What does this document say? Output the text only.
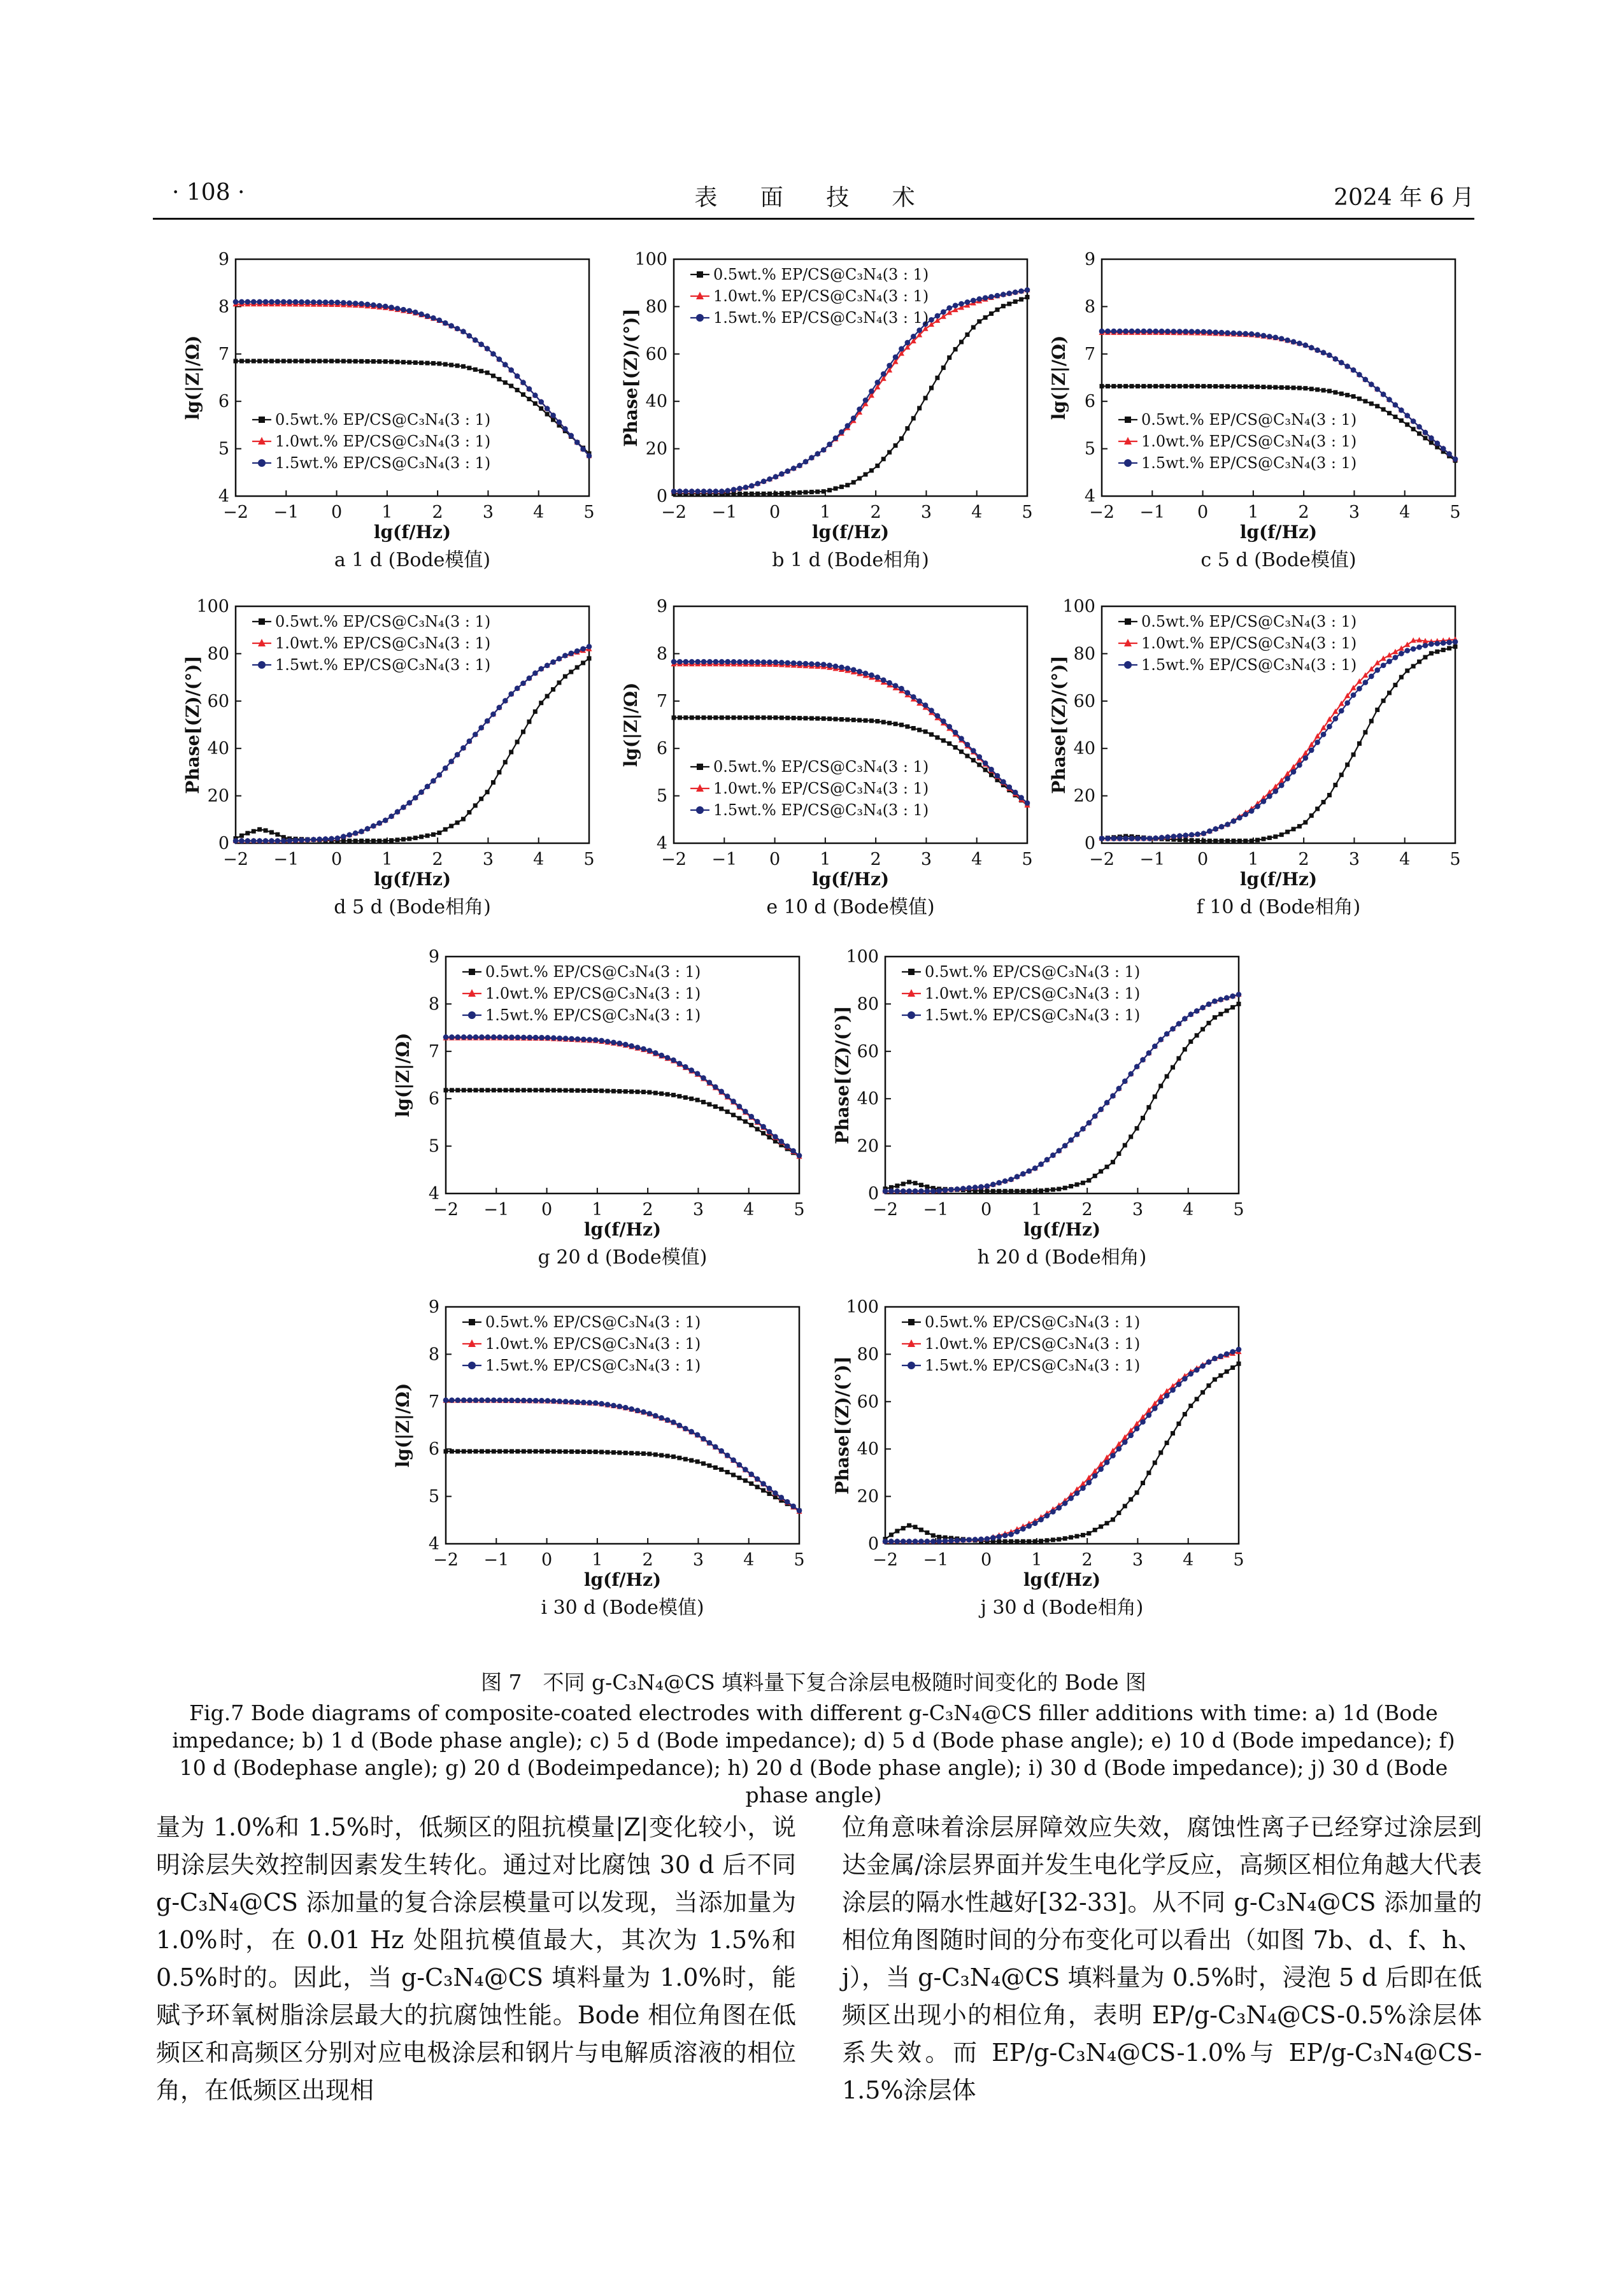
· 108 ·	表 面 技 术	2024 年 6 月
−2 −1 0 1 2 3 4 5
4
5
6
7
8
9
lg(f/Hz)
lg(|Z|/Ω)
a 1 d (Bode模值)
0.5wt.% EP/CS@C₃N₄(3 : 1)
1.0wt.% EP/CS@C₃N₄(3 : 1)
1.5wt.% EP/CS@C₃N₄(3 : 1)
−2 −1 0 1 2 3 4 5
0
20
40
60
80
100
lg(f/Hz)
Phase[(Z)/(°)]
b 1 d (Bode相角)
0.5wt.% EP/CS@C₃N₄(3 : 1)
1.0wt.% EP/CS@C₃N₄(3 : 1)
1.5wt.% EP/CS@C₃N₄(3 : 1)
−2 −1 0 1 2 3 4 5
4
5
6
7
8
9
lg(f/Hz)
lg(|Z|/Ω)
c 5 d (Bode模值)
0.5wt.% EP/CS@C₃N₄(3 : 1)
1.0wt.% EP/CS@C₃N₄(3 : 1)
1.5wt.% EP/CS@C₃N₄(3 : 1)
−2 −1 0 1 2 3 4 5
0
20
40
60
80
100
lg(f/Hz)
Phase[(Z)/(°)]
d 5 d (Bode相角)
0.5wt.% EP/CS@C₃N₄(3 : 1)
1.0wt.% EP/CS@C₃N₄(3 : 1)
1.5wt.% EP/CS@C₃N₄(3 : 1)
−2 −1 0 1 2 3 4 5
4
5
6
7
8
9
lg(f/Hz)
lg(|Z|/Ω)
e 10 d (Bode模值)
0.5wt.% EP/CS@C₃N₄(3 : 1)
1.0wt.% EP/CS@C₃N₄(3 : 1)
1.5wt.% EP/CS@C₃N₄(3 : 1)
−2 −1 0 1 2 3 4 5
0
20
40
60
80
100
lg(f/Hz)
Phase[(Z)/(°)]
f 10 d (Bode相角)
0.5wt.% EP/CS@C₃N₄(3 : 1)
1.0wt.% EP/CS@C₃N₄(3 : 1)
1.5wt.% EP/CS@C₃N₄(3 : 1)
−2 −1 0 1 2 3 4 5
4
5
6
7
8
9
lg(f/Hz)
lg(|Z|/Ω)
g 20 d (Bode模值)
0.5wt.% EP/CS@C₃N₄(3 : 1)
1.0wt.% EP/CS@C₃N₄(3 : 1)
1.5wt.% EP/CS@C₃N₄(3 : 1)
−2 −1 0 1 2 3 4 5
0
20
40
60
80
100
lg(f/Hz)
Phase[(Z)/(°)]
h 20 d (Bode相角)
0.5wt.% EP/CS@C₃N₄(3 : 1)
1.0wt.% EP/CS@C₃N₄(3 : 1)
1.5wt.% EP/CS@C₃N₄(3 : 1)
−2 −1 0 1 2 3 4 5
4
5
6
7
8
9
lg(f/Hz)
lg(|Z|/Ω)
i 30 d (Bode模值)
0.5wt.% EP/CS@C₃N₄(3 : 1)
1.0wt.% EP/CS@C₃N₄(3 : 1)
1.5wt.% EP/CS@C₃N₄(3 : 1)
−2 −1 0 1 2 3 4 5
0
20
40
60
80
100
lg(f/Hz)
Phase[(Z)/(°)]
j 30 d (Bode相角)
0.5wt.% EP/CS@C₃N₄(3 : 1)
1.0wt.% EP/CS@C₃N₄(3 : 1)
1.5wt.% EP/CS@C₃N₄(3 : 1)
图 7　不同 g-C₃N₄@CS 填料量下复合涂层电极随时间变化的 Bode 图
Fig.7 Bode diagrams of composite-coated electrodes with different g-C₃N₄@CS filler additions with time: a) 1d (Bode impedance; b) 1 d (Bode phase angle); c) 5 d (Bode impedance); d) 5 d (Bode phase angle); e) 10 d (Bode impedance); f) 10 d (Bodephase angle); g) 20 d (Bodeimpedance); h) 20 d (Bode phase angle); i) 30 d (Bode impedance); j) 30 d (Bode phase angle)
量为 1.0%和 1.5%时，低频区的阻抗模量|Z|变化较小，说明涂层失效控制因素发生转化。通过对比腐蚀 30 d 后不同 g-C₃N₄@CS 添加量的复合涂层模量可以发现，当添加量为 1.0%时，在 0.01 Hz 处阻抗模值最大，其次为 1.5%和 0.5%时的。因此，当 g-C₃N₄@CS 填料量为 1.0%时，能赋予环氧树脂涂层最大的抗腐蚀性能。Bode 相位角图在低频区和高频区分别对应电极涂层和钢片与电解质溶液的相位角，在低频区出现相
位角意味着涂层屏障效应失效，腐蚀性离子已经穿过涂层到达金属/涂层界面并发生电化学反应，高频区相位角越大代表涂层的隔水性越好[32-33]。从不同 g-C₃N₄@CS 添加量的相位角图随时间的分布变化可以看出（如图 7b、d、f、h、j），当 g-C₃N₄@CS 填料量为 0.5%时，浸泡 5 d 后即在低频区出现小的相位角，表明 EP/g-C₃N₄@CS-0.5%涂层体系失效。而 EP/g-C₃N₄@CS-1.0%与 EP/g-C₃N₄@CS-1.5%涂层体
